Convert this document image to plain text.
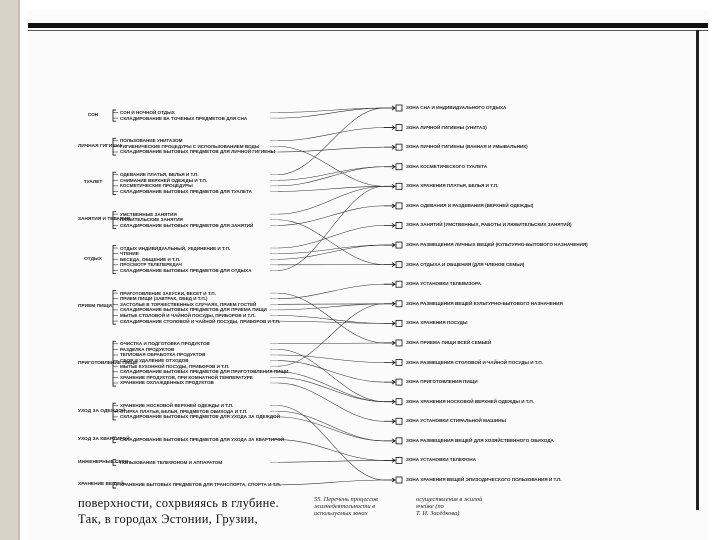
СОН И НОЧНОЙ ОТДЫХ
СКЛАДИРОВАНИЕ ВА ТОЧЕНЫХ ПРЕДМЕТОВ ДЛЯ СНА
СОН
ПОЛЬЗОВАНИЕ УНИТАЗОМ
ГИГИЕНИЧЕСКИЕ ПРОЦЕДУРЫ С ИСПОЛЬЗОВАНИЕМ ВОДЫ
СКЛАДИРОВАНИЕ БЫТОВЫХ ПРЕДМЕТОВ ДЛЯ ЛИЧНОЙ ГИГИЕНЫ
ЛИЧНАЯ ГИГИЕНА
ОДЕВАНИЕ ПЛАТЬЯ, БЕЛЬЯ И Т.П.
СНИМАНИЕ ВЕРХНЕЙ ОДЕЖДЫ И Т.П.
КОСМЕТИЧЕСКИЕ ПРОЦЕДУРЫ
СКЛАДИРОВАНИЕ БЫТОВЫХ ПРЕДМЕТОВ ДЛЯ ТУАЛЕТА
ТУАЛЕТ
УМСТВЕННЫЕ ЗАНЯТИЯ
ЛЮБИТЕЛЬСКИЕ ЗАНЯТИЯ
СКЛАДИРОВАНИЕ БЫТОВЫХ ПРЕДМЕТОВ ДЛЯ ЗАНЯТИЙ
ЗАНЯТИЯ И ТЕРАПИЯ
ОТДЫХ ИНДИВИДУАЛЬНЫЙ, УЕДИНЕНИЕ И Т.П.
ЧТЕНИЕ
БЕСЕДА, ОБЩЕНИЕ И Т.П.
ПРОСМОТР ТЕЛЕПЕРЕДАЧ
СКЛАДИРОВАНИЕ БЫТОВЫХ ПРЕДМЕТОВ ДЛЯ ОТДЫХА
ОТДЫХ
ПРИГОТОВЛЕНИЕ ЗАКУСКИ, ВЕСЕТ И Т.П.
ПРИЕМ ПИЩИ (ЗАВТРАК, ОБЕД И Т.П.)
ЗАСТОЛЬЕ В ТОРЖЕСТВЕННЫХ СЛУЧАЯХ, ПРИЕМ ГОСТЕЙ
СКЛАДИРОВАНИЕ БЫТОВЫХ ПРЕДМЕТОВ ДЛЯ ПРИЕМА ПИЩИ
МЫТЬЕ СТОЛОВОЙ И ЧАЙНОЙ ПОСУДЫ, ПРИБОРОВ И Т.П.
СКЛАДИРОВАНИЕ СТОЛОВОЙ И ЧАЙНОЙ ПОСУДЫ, ПРИБОРОВ И Т.П.
ПРИЕМ ПИЩИ
ОЧИСТКА И ПОДГОТОВКА ПРОДУКТОВ
РАЗДЕЛКА ПРОДУКТОВ
ТЕПЛОВАЯ ОБРАБОТКА ПРОДУКТОВ
СБОР И УДАЛЕНИЕ ОТХОДОВ
МЫТЬЕ КУХОННОЙ ПОСУДЫ, ПРИБОРОВ И Т.П.
СКЛАДИРОВАНИЕ БЫТОВЫХ ПРЕДМЕТОВ ДЛЯ ПРИГОТОВЛЕНИЯ ПИЩИ
ХРАНЕНИЕ ПРОДУКТОВ, ПРИ КОМНАТНОЙ ТЕМПЕРАТУРЕ
ХРАНЕНИЕ ОХЛАЖДЕННЫХ ПРОДУКТОВ
ПРИГОТОВЛЕНИЕ ПИЩИ
ХРАНЕНИЕ НОСКОВОЙ ВЕРХНЕЙ ОДЕЖДЫ И Т.П.
СТИРКА ПЛАТЬЯ, БЕЛЬЯ, ПРЕДМЕТОВ ОБИХОДА И Т.П.
СКЛАДИРОВАНИЕ БЫТОВЫХ ПРЕДМЕТОВ ДЛЯ УХОДА ЗА ОДЕЖДОЙ
УХОД ЗА ОДЕЖДОЙ
СКЛАДИРОВАНИЕ БЫТОВЫХ ПРЕДМЕТОВ ДЛЯ УХОДА ЗА КВАРТИРОЙ
УХОД ЗА КВАРТИРОЙ
ПОЛЬЗОВАНИЕ ТЕЛЕФОНОМ И АППАРАТОМ
ИНЖЕНЕРНЫЕ СЕТИ
ХРАНЕНИЕ БЫТОВЫХ ПРЕДМЕТОВ ДЛЯ ТРАНСПОРТА, СПОРТА И Т.П.
ХРАНЕНИЕ ВЕЩЕЙ
ЗОНА СНА И ИНДИВИДУАЛЬНОГО ОТДЫХА
ЗОНА ЛИЧНОЙ ГИГИЕНЫ (УНИТАЗ)
ЗОНА ЛИЧНОЙ ГИГИЕНЫ (ВАННАЯ И УМЫВАЛЬНИК)
ЗОНА КОСМЕТИЧЕСКОГО ТУАЛЕТА
ЗОНА ХРАНЕНИЯ ПЛАТЬЯ, БЕЛЬЯ И Т.П.
ЗОНА ОДЕВАНИЯ И РАЗДЕВАНИЯ (ВЕРХНЕЙ ОДЕЖДЫ)
ЗОНА ЗАНЯТИЙ (УМСТВЕННЫХ, РАБОТЫ И ЛЮБИТЕЛЬСКИХ ЗАНЯТИЙ)
ЗОНА РАЗМЕЩЕНИЯ ЛИЧНЫХ ВЕЩЕЙ (КУЛЬТУРНО-БЫТОВОГО НАЗНАЧЕНИЯ)
ЗОНА ОТДЫХА И ОБЩЕНИЯ (ДЛЯ ЧЛЕНОВ СЕМЬИ)
ЗОНА УСТАНОВКИ ТЕЛЕВИЗОРА
ЗОНА РАЗМЕЩЕНИЯ ВЕЩЕЙ КУЛЬТУРНО-БЫТОВОГО НАЗНАЧЕНИЯ
ЗОНА ХРАНЕНИЯ ПОСУДЫ
ЗОНА ПРИЕМА ПИЩИ ВСЕЙ СЕМЬЕЙ
ЗОНА РАЗМЕЩЕНИЯ СТОЛОВОЙ И ЧАЙНОЙ ПОСУДЫ И Т.П.
ЗОНА ПРИГОТОВЛЕНИЯ ПИЩИ
ЗОНА ХРАНЕНИЯ НОСКОВОЙ ВЕРХНЕЙ ОДЕЖДЫ И Т.П.
ЗОНА УСТАНОВКИ СТИРАЛЬНОЙ МАШИНЫ
ЗОНА РАЗМЕЩЕНИЯ ВЕЩЕЙ ДЛЯ ХОЗЯЙСТВЕННОГО ОБИХОДА
ЗОНА УСТАНОВКИ ТЕЛЕФОНА
ЗОНА ХРАНЕНИЯ ВЕЩЕЙ ЭПИЗОДИЧЕСКОГО ПОЛЬЗОВАНИЯ И Т.П.
поверхности, сохрвияясь в глубине.
Так, в городах Эстонии, Грузии,
55. Перечень процессов
жизнедеятельности в
используемых зонах
осуществления в жилой
ячейке (по
Т. И. Засёдкова)
